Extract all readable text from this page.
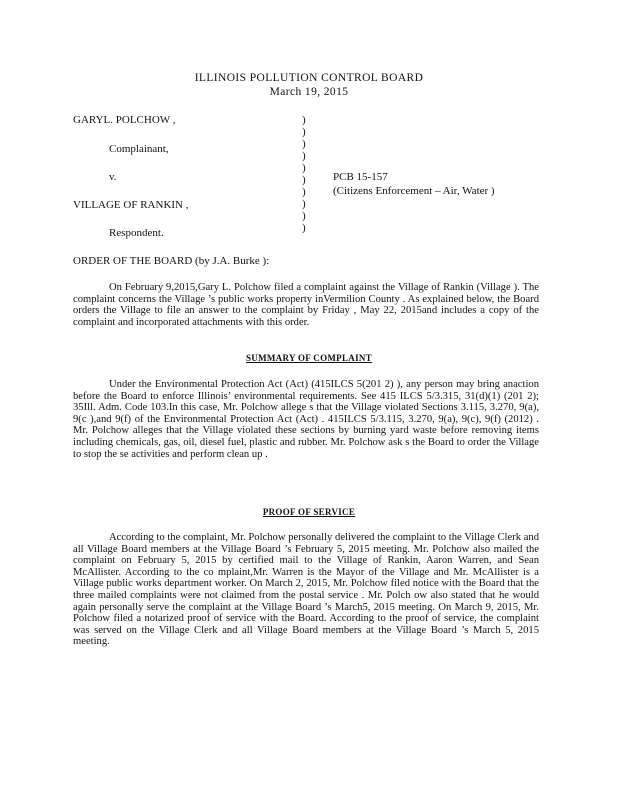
ILLINOIS POLLUTION CONTROL BOARD
March 19, 2015
GARYL. POLCHOW ,
Complainant,
v.
VILLAGE OF RANKIN ,
Respondent.
)
)
)
)
)
)
)
)
)
)
PCB 15-157
(Citizens Enforcement – Air, Water )
ORDER OF THE BOARD (by J.A. Burke ):
On February 9,2015,Gary L. Polchow filed a complaint against the Village of Rankin (Village ). The complaint concerns the Village ’s public works property inVermilion County . As explained below, the Board orders the Village to file an answer to the complaint by Friday , May 22, 2015and includes a copy of the complaint and incorporated attachments with this order.
SUMMARY OF COMPLAINT
Under the Environmental Protection Act (Act) (415ILCS 5(201 2) ), any person may bring anaction before the Board to enforce Illinois’ environmental requirements. See 415 ILCS 5/3.315, 31(d)(1) (201 2); 35Ill. Adm. Code 103.In this case, Mr. Polchow allege s that the Village violated Sections 3.115, 3.270, 9(a), 9(c ),and 9(f) of the Environmental Protection Act (Act) . 415ILCS 5/3.115, 3.270, 9(a), 9(c), 9(f) (2012) . Mr. Polchow alleges that the Village violated these sections by burning yard waste before removing items including chemicals, gas, oil, diesel fuel, plastic and rubber. Mr. Polchow ask s the Board to order the Village to stop the se activities and perform clean up .
PROOF OF SERVICE
According to the complaint, Mr. Polchow personally delivered the complaint to the Village Clerk and all Village Board members at the Village Board ’s February 5, 2015 meeting. Mr. Polchow also mailed the complaint on February 5, 2015 by certified mail to the Village of Rankin, Aaron Warren, and Sean McAllister. According to the co mplaint,Mr. Warren is the Mayor of the Village and Mr. McAllister is a Village public works department worker. On March 2, 2015, Mr. Polchow filed notice with the Board that the three mailed complaints were not claimed from the postal service . Mr. Polch ow also stated that he would again personally serve the complaint at the Village Board ’s March5, 2015 meeting. On March 9, 2015, Mr. Polchow filed a notarized proof of service with the Board. According to the proof of service, the complaint was served on the Village Clerk and all Village Board members at the Village Board ’s March 5, 2015 meeting.
